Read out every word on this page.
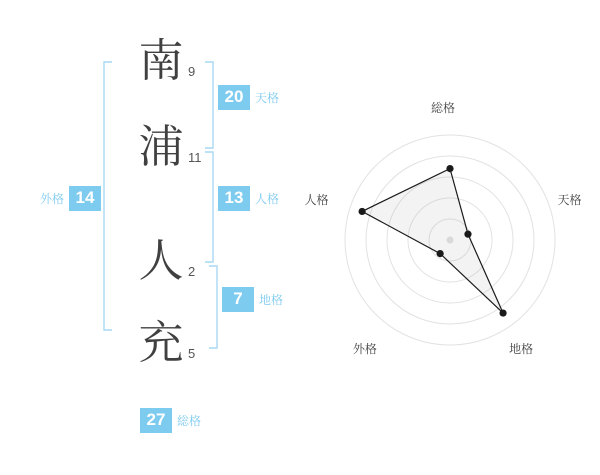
南 9
浦 11
人 2
充 5
20 天格
13 人格
7	地格
外格 14
27 総格
総格
天格
地格
外格
人格
